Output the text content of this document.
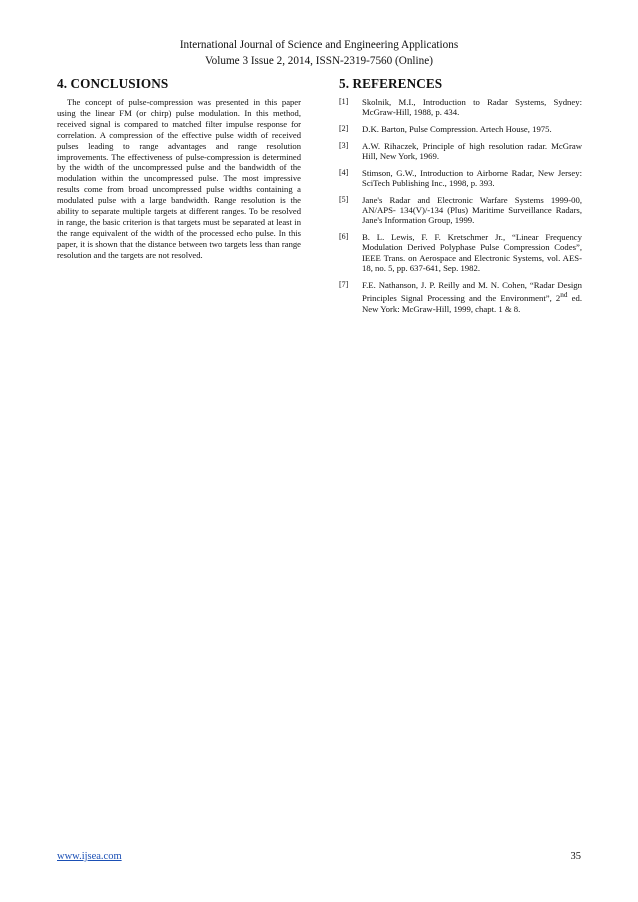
International Journal of Science and Engineering Applications
Volume 3 Issue 2, 2014, ISSN-2319-7560 (Online)
4. CONCLUSIONS

The concept of pulse-compression was presented in this paper using the linear FM (or chirp) pulse modulation. In this method, received signal is compared to matched filter impulse response for correlation. A compression of the effective pulse width of received pulses leading to range advantages and range resolution improvements. The effectiveness of pulse-compression is determined by the width of the uncompressed pulse and the bandwidth of the modulation within the uncompressed pulse. The most impressive results come from broad uncompressed pulse widths containing a modulated pulse with a large bandwidth. Range resolution is the ability to separate multiple targets at different ranges. To be resolved in range, the basic criterion is that targets must be separated at least in the range equivalent of the width of the processed echo pulse. In this paper, it is shown that the distance between two targets less than range resolution and the targets are not resolved.

5. REFERENCES
[1]	Skolnik, M.I., Introduction to Radar Systems, Sydney: McGraw-Hill, 1988, p. 434.
[2]	D.K. Barton, Pulse Compression. Artech House, 1975.
[3]	A.W. Rihaczek, Principle of high resolution radar. McGraw Hill, New York, 1969.
[4]	Stimson, G.W., Introduction to Airborne Radar, New Jersey: SciTech Publishing Inc., 1998, p. 393.
[5]	Jane's Radar and Electronic Warfare Systems 1999-00, AN/APS- 134(V)/-134 (Plus) Maritime Surveillance Radars, Jane's Information Group, 1999.
[6]	B. L. Lewis, F. F. Kretschmer Jr., “Linear Frequency Modulation Derived Polyphase Pulse Compression Codes”, IEEE Trans. on Aerospace and Electronic Systems, vol. AES-18, no. 5, pp. 637-641, Sep. 1982.
[7]	F.E. Nathanson, J. P. Reilly and M. N. Cohen, “Radar Design Principles Signal Processing and the Environment”, 2nd ed. New York: McGraw-Hill, 1999, chapt. 1 & 8.
www.ijsea.com	35
